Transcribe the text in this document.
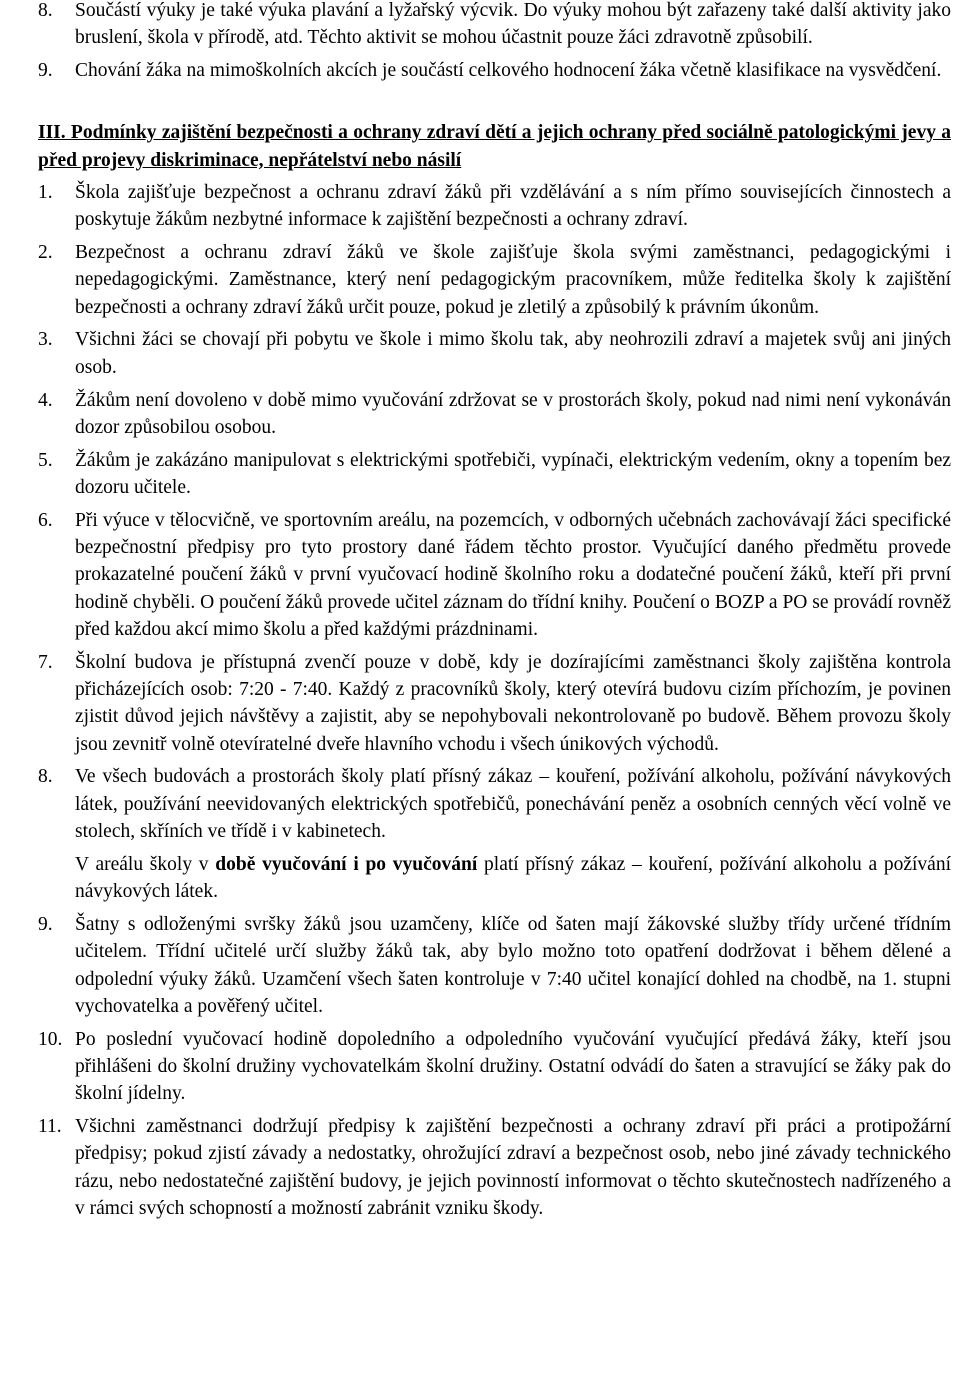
8.	Součástí výuky je také výuka plavání a lyžařský výcvik. Do výuky mohou být zařazeny také další aktivity jako bruslení, škola v přírodě, atd. Těchto aktivit se mohou účastnit pouze žáci zdravotně způsobilí.
9.	Chování žáka na mimoškolních akcích je součástí celkového hodnocení žáka včetně klasifikace na vysvědčení.
III. Podmínky zajištění bezpečnosti a ochrany zdraví dětí a jejich ochrany před sociálně patologickými jevy a před projevy diskriminace, nepřátelství nebo násilí
1.	Škola zajišťuje bezpečnost a ochranu zdraví žáků při vzdělávání a s ním přímo souvisejících činnostech a poskytuje žákům nezbytné informace k zajištění bezpečnosti a ochrany zdraví.
2.	Bezpečnost a ochranu zdraví žáků ve škole zajišťuje škola svými zaměstnanci, pedagogickými i nepedagogickými. Zaměstnance, který není pedagogickým pracovníkem, může ředitelka školy k zajištění bezpečnosti a ochrany zdraví žáků určit pouze, pokud je zletilý a způsobilý k právním úkonům.
3.	Všichni žáci se chovají při pobytu ve škole i mimo školu tak, aby neohrozili zdraví a majetek svůj ani jiných osob.
4.	Žákům není dovoleno v době mimo vyučování zdržovat se v prostorách školy, pokud nad nimi není vykonáván dozor způsobilou osobou.
5.	Žákům je zakázáno manipulovat s elektrickými spotřebiči, vypínači, elektrickým vedením, okny a topením bez dozoru učitele.
6.	Při výuce v tělocvičně, ve sportovním areálu, na pozemcích, v odborných učebnách zachovávají žáci specifické bezpečnostní předpisy pro tyto prostory dané řádem těchto prostor. Vyučující daného předmětu provede prokazatelné poučení žáků v první vyučovací hodině školního roku a dodatečné poučení žáků, kteří při první hodině chyběli. O poučení žáků provede učitel záznam do třídní knihy. Poučení o BOZP a PO se provádí rovněž před každou akcí mimo školu a před každými prázdninami.
7.	Školní budova je přístupná zvenčí pouze v době, kdy je dozírajícími zaměstnanci školy zajištěna kontrola přicházejících osob: 7:20 - 7:40. Každý z pracovníků školy, který otevírá budovu cizím příchozím, je povinen zjistit důvod jejich návštěvy a zajistit, aby se nepohybovali nekontrolovaně po budově. Během provozu školy jsou zevnitř volně otevíratelné dveře hlavního vchodu i všech únikových východů.
8.	Ve všech budovách a prostorách školy platí přísný zákaz – kouření, požívání alkoholu, požívání návykových látek, používání neevidovaných elektrických spotřebičů, ponechávání peněz a osobních cenných věcí volně ve stolech, skříních ve třídě i v kabinetech.
V areálu školy v době vyučování i po vyučování platí přísný zákaz – kouření, požívání alkoholu a požívání návykových látek.
9.	Šatny s odloženými svršky žáků jsou uzamčeny, klíče od šaten mají žákovské služby třídy určené třídním učitelem. Třídní učitelé určí služby žáků tak, aby bylo možno toto opatření dodržovat i během dělené a odpolední výuky žáků. Uzamčení všech šaten kontroluje v 7:40 učitel konající dohled na chodbě, na 1. stupni vychovatelka a pověřený učitel.
10. Po poslední vyučovací hodině dopoledního a odpoledního vyučování vyučující předává žáky, kteří jsou přihlášeni do školní družiny vychovatelkám školní družiny. Ostatní odvádí do šaten a stravující se žáky pak do školní jídelny.
11. Všichni zaměstnanci dodržují předpisy k zajištění bezpečnosti a ochrany zdraví při práci a protipožární předpisy; pokud zjistí závady a nedostatky, ohrožující zdraví a bezpečnost osob, nebo jiné závady technického rázu, nebo nedostatečné zajištění budovy, je jejich povinností informovat o těchto skutečnostech nadřízeného a v rámci svých schopností a možností zabránit vzniku škody.
